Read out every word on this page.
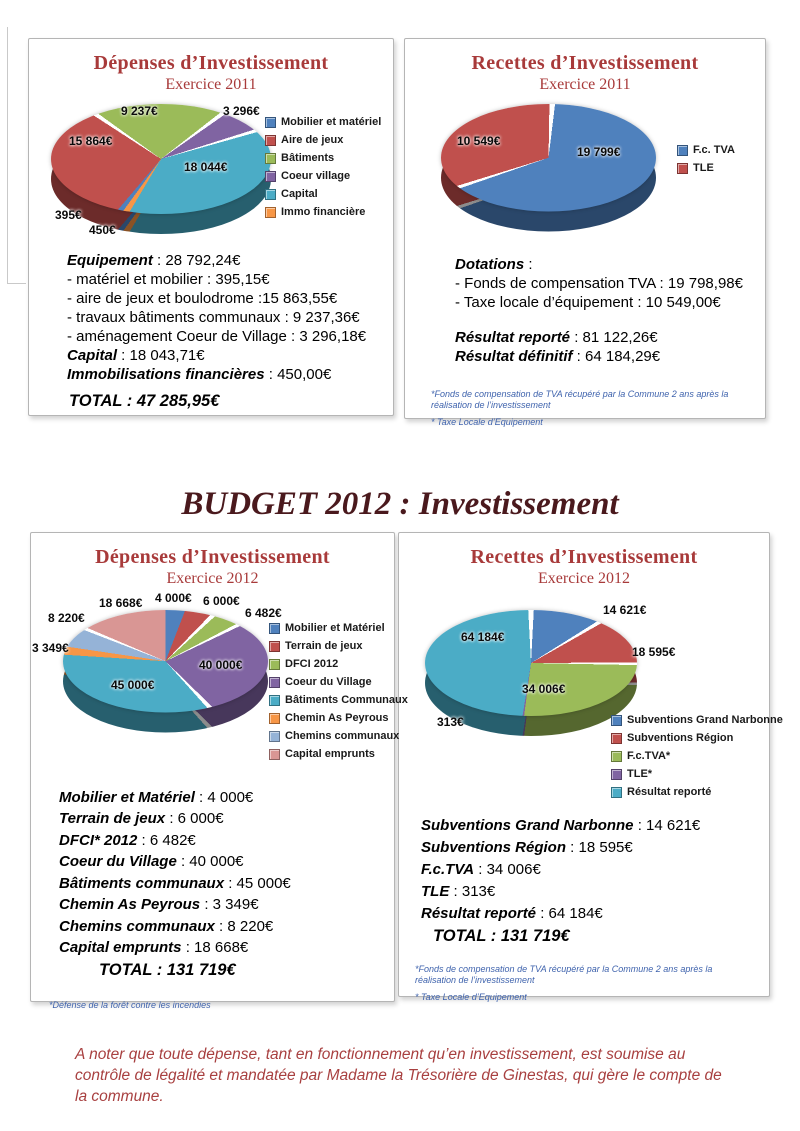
Dépenses d’Investissement
Exercice 2011
9 237€	3 296€
15 864€
18 044€
395€
450€
Mobilier et matériel
Aire de jeux
Bâtiments
Coeur village
Capital
Immo financière
Equipement : 28 792,24€
- matériel et mobilier : 395,15€
- aire de jeux et boulodrome :15 863,55€
- travaux bâtiments communaux : 9 237,36€
- aménagement Coeur de Village : 3 296,18€
Capital : 18 043,71€
Immobilisations financières : 450,00€
TOTAL : 47 285,95€
Recettes d’Investissement
Exercice 2011
10 549€
19 799€	F.c. TVA
TLE
Dotations :
- Fonds de compensation TVA : 19 798,98€
- Taxe locale d’équipement : 10 549,00€
Résultat reporté : 81 122,26€
Résultat définitif : 64 184,29€

*Fonds de compensation de TVA récupéré par la Commune 2 ans après la réalisation de l’investissement

* Taxe Locale d’Equipement

BUDGET 2012 : Investissement
Dépenses d’Investissement
Exercice 2012
4 000€ 6 000€
6 482€
18 668€
8 220€
3 349€
40 000€
45 000€
Mobilier et Matériel
Terrain de jeux
DFCI 2012
Coeur du Village
Bâtiments Communaux
Chemin As Peyrous
Chemins communaux
Capital emprunts
Mobilier et Matériel : 4 000€
Terrain de jeux : 6 000€
DFCI* 2012 : 6 482€
Coeur du Village : 40 000€
Bâtiments communaux : 45 000€
Chemin As Peyrous : 3 349€
Chemins communaux : 8 220€
Capital emprunts : 18 668€
TOTAL : 131 719€

*Défense de la forêt contre les incendies

Recettes d’Investissement
Exercice 2012
14 621€
18 595€
34 006€
313€
64 184€
Subventions Grand Narbonne
Subventions Région
F.c.TVA*
TLE*
Résultat reporté
Subventions Grand Narbonne : 14 621€
Subventions Région : 18 595€
F.c.TVA : 34 006€
TLE : 313€
Résultat reporté : 64 184€
TOTAL : 131 719€

*Fonds de compensation de TVA récupéré par la Commune 2 ans après la réalisation de l’investissement

* Taxe Locale d’Equipement

A noter que toute dépense, tant en fonctionnement qu’en investissement, est soumise au contrôle de légalité et mandatée par Madame la Trésorière de Ginestas, qui gère le compte de la commune.
